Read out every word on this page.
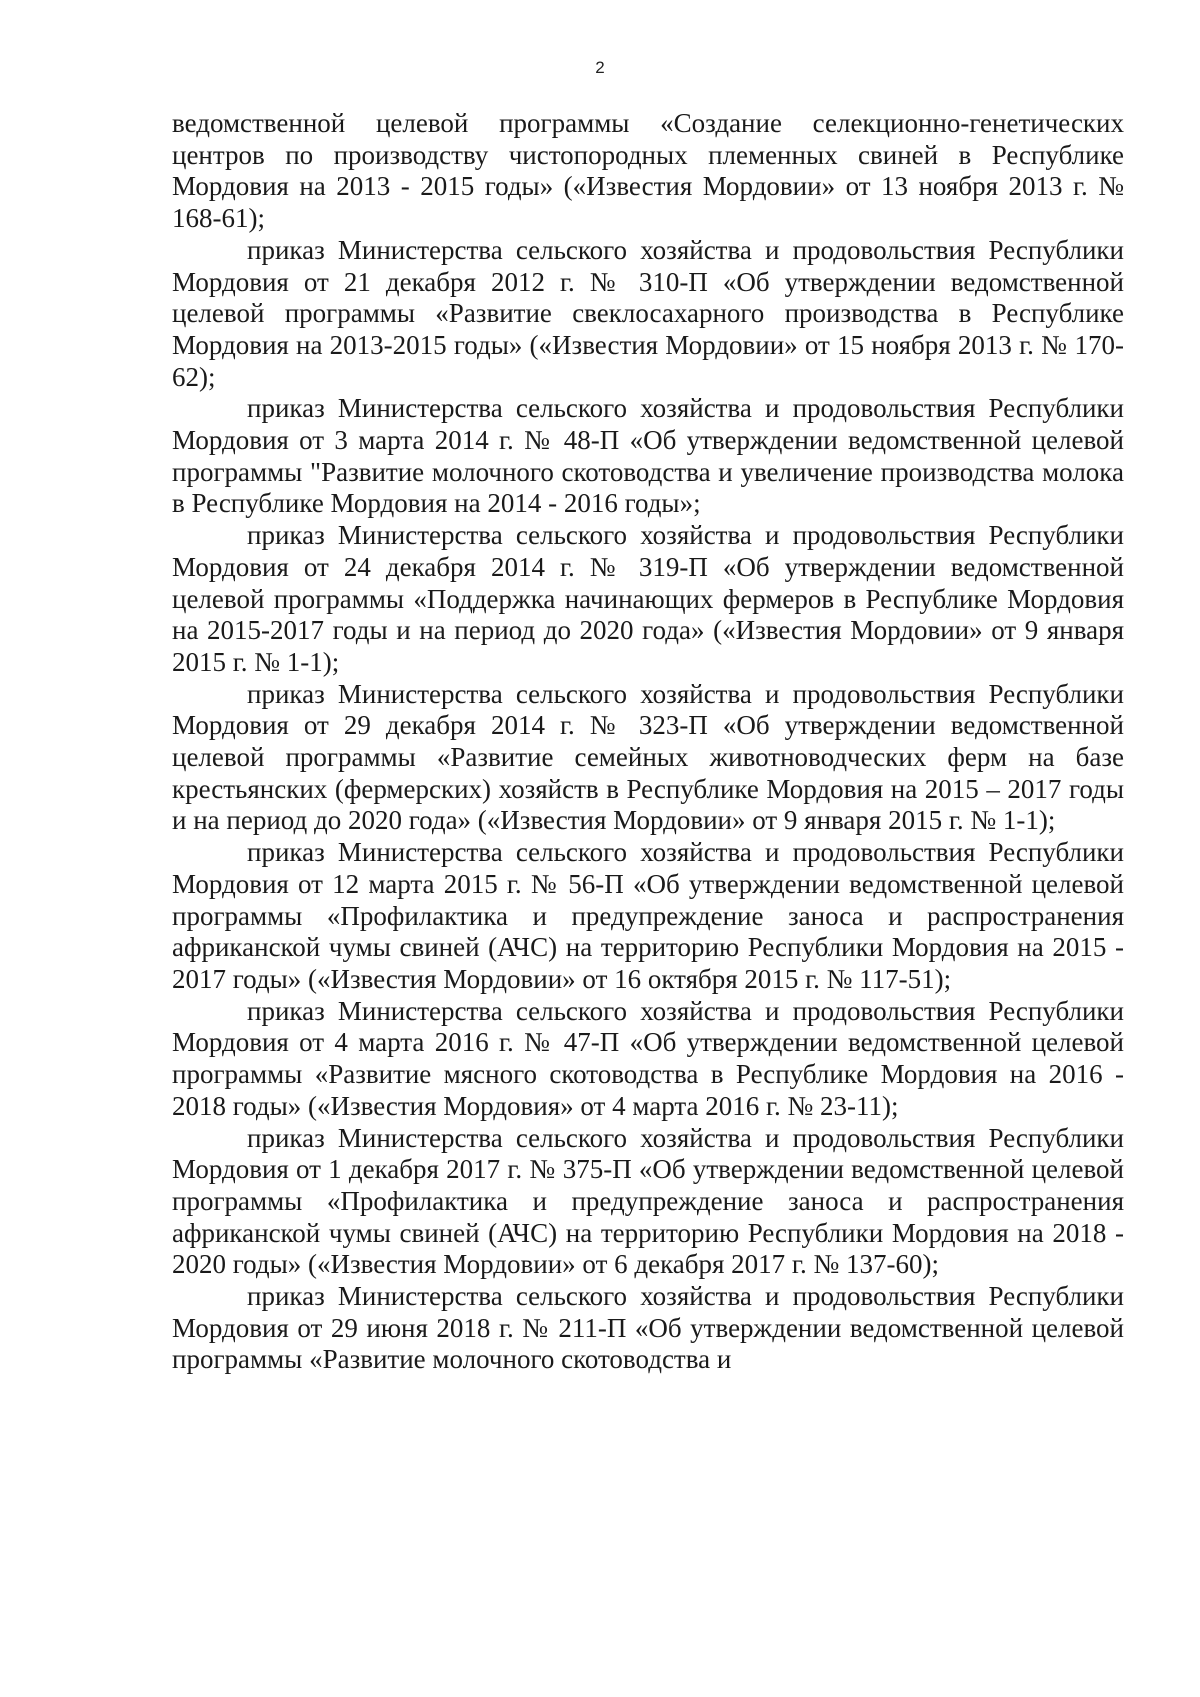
2

ведомственной целевой программы «Создание селекционно-генетических центров по производству чистопородных племенных свиней в Республике Мордовия на 2013 - 2015 годы» («Известия Мордовии» от 13 ноября 2013 г. № 168-61);

приказ Министерства сельского хозяйства и продовольствия Республики Мордовия от 21 декабря 2012 г. № 310-П «Об утверждении ведомственной целевой программы «Развитие свеклосахарного производства в Республике Мордовия на 2013-2015 годы» («Известия Мордовии» от 15 ноября 2013 г. № 170-62);

приказ Министерства сельского хозяйства и продовольствия Республики Мордовия от 3 марта 2014 г. № 48-П «Об утверждении ведомственной целевой программы "Развитие молочного скотоводства и увеличение производства молока в Республике Мордовия на 2014 - 2016 годы»;

приказ Министерства сельского хозяйства и продовольствия Республики Мордовия от 24 декабря 2014 г. № 319-П «Об утверждении ведомственной целевой программы «Поддержка начинающих фермеров в Республике Мордовия на 2015-2017 годы и на период до 2020 года» («Известия Мордовии» от 9 января 2015 г. № 1-1);

приказ Министерства сельского хозяйства и продовольствия Республики Мордовия от 29 декабря 2014 г. № 323-П «Об утверждении ведомственной целевой программы «Развитие семейных животноводческих ферм на базе крестьянских (фермерских) хозяйств в Республике Мордовия на 2015 – 2017 годы и на период до 2020 года» («Известия Мордовии» от 9 января 2015 г. № 1-1);

приказ Министерства сельского хозяйства и продовольствия Республики Мордовия от 12 марта 2015 г. № 56-П «Об утверждении ведомственной целевой программы «Профилактика и предупреждение заноса и распространения африканской чумы свиней (АЧС) на территорию Республики Мордовия на 2015 - 2017 годы» («Известия Мордовии» от 16 октября 2015 г. № 117-51);

приказ Министерства сельского хозяйства и продовольствия Республики Мордовия от 4 марта 2016 г. № 47-П «Об утверждении ведомственной целевой программы «Развитие мясного скотоводства в Республике Мордовия на 2016 - 2018 годы» («Известия Мордовия» от 4 марта 2016 г. № 23-11);

приказ Министерства сельского хозяйства и продовольствия Республики Мордовия от 1 декабря 2017 г. № 375-П «Об утверждении ведомственной целевой программы «Профилактика и предупреждение заноса и распространения африканской чумы свиней (АЧС) на территорию Республики Мордовия на 2018 - 2020 годы» («Известия Мордовии» от 6 декабря 2017 г. № 137-60);

приказ Министерства сельского хозяйства и продовольствия Республики Мордовия от 29 июня 2018 г. № 211-П «Об утверждении ведомственной целевой программы «Развитие молочного скотоводства и
